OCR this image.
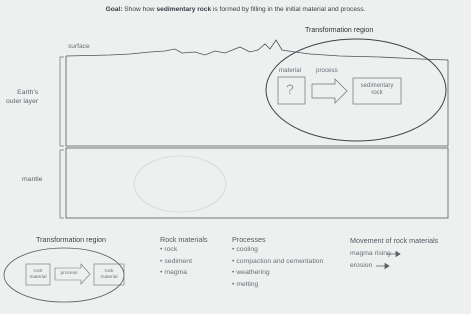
Goal: Show how sedimentary rock is formed by filling in the initial material and process.
Transformation region
surface
Earth's
outer layer
mantle
material process
?	sedimentary
rock
Transformation region
rock
material
process	rock
material
Rock materials
• rock
• sediment
• magma
Processes
• cooling
• compaction and cementation
• weathering
• melting
Movement of rock materials
magma rising
erosion
